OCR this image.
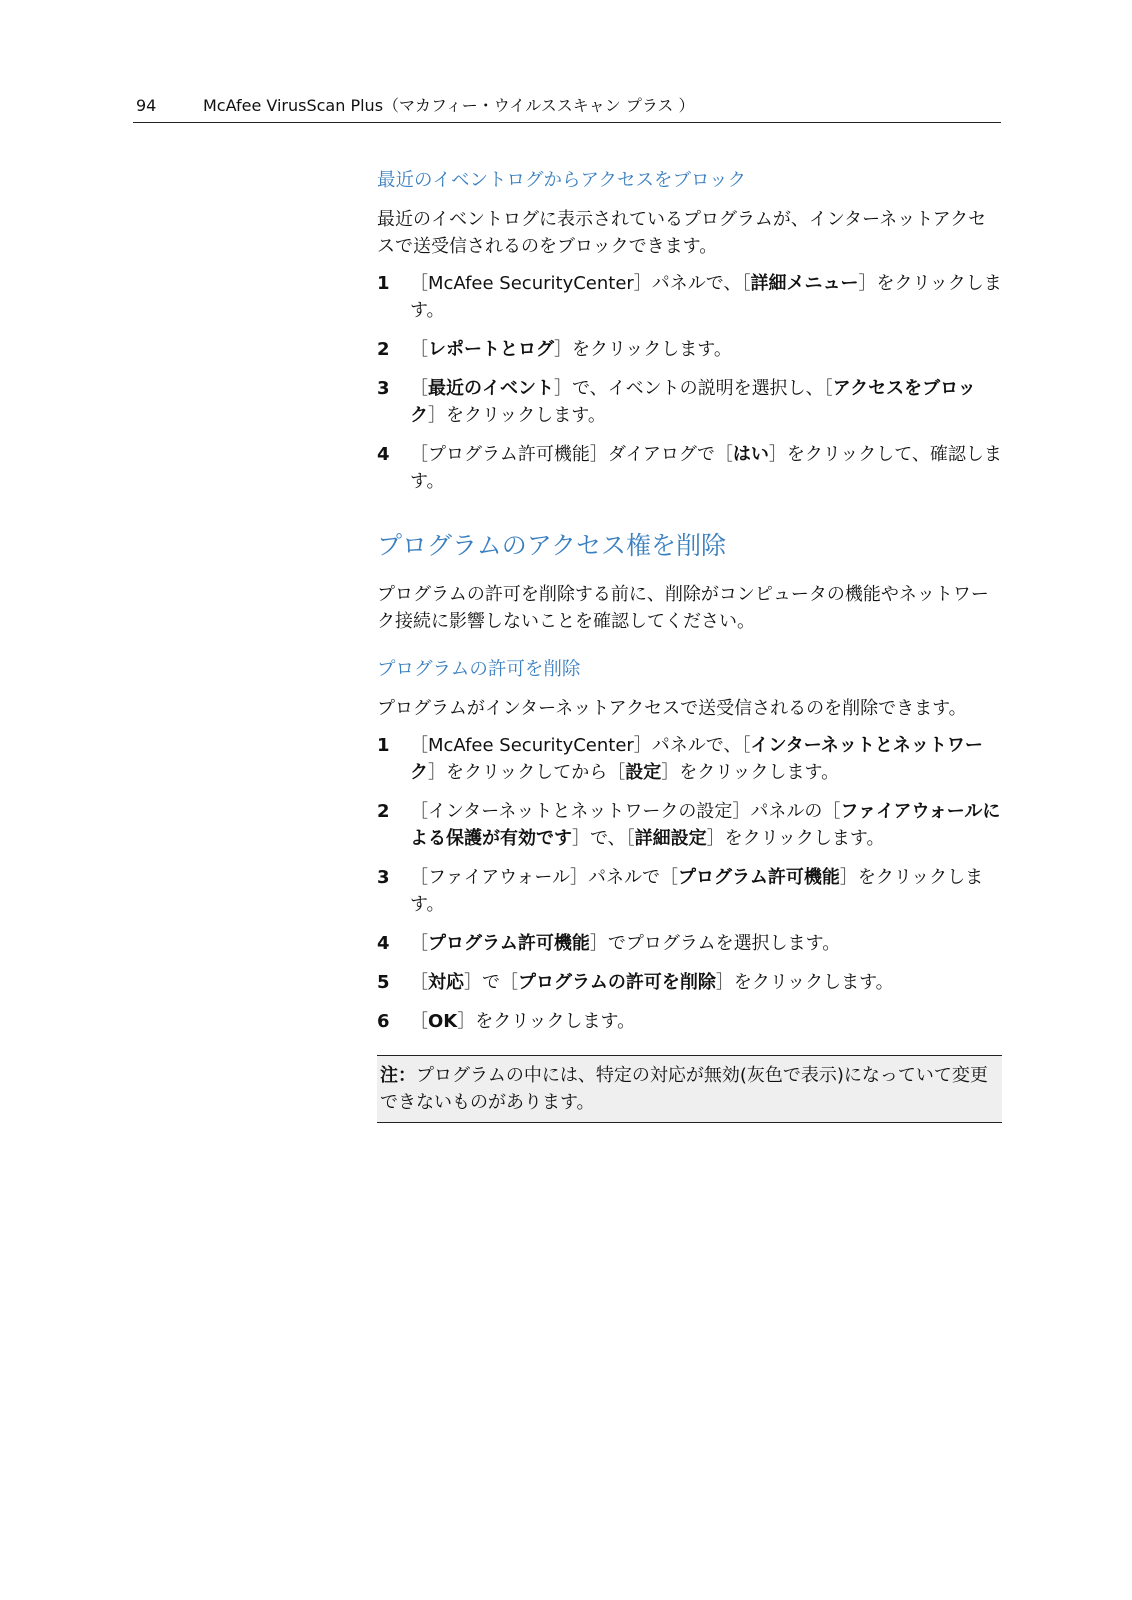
94	McAfee VirusScan Plus（マカフィー・ウイルススキャン プラス ）
最近のイベントログからアクセスをブロック
最近のイベントログに表示されているプログラムが、インターネットアクセスで送受信されるのをブロックできます。
1 ［McAfee SecurityCenter］パネルで、［詳細メニュー］をクリックします。
2 ［レポートとログ］をクリックします。
3 ［最近のイベント］で、イベントの説明を選択し、［アクセスをブロック］をクリックします。
4 ［プログラム許可機能］ダイアログで［はい］をクリックして、確認します。
プログラムのアクセス権を削除
プログラムの許可を削除する前に、削除がコンピュータの機能やネットワーク接続に影響しないことを確認してください。
プログラムの許可を削除
プログラムがインターネットアクセスで送受信されるのを削除できます。
1 ［McAfee SecurityCenter］パネルで、［インターネットとネットワーク］をクリックしてから［設定］をクリックします。
2 ［インターネットとネットワークの設定］パネルの［ファイアウォールによる保護が有効です］で、［詳細設定］をクリックします。
3 ［ファイアウォール］パネルで［プログラム許可機能］をクリックします。
4 ［プログラム許可機能］でプログラムを選択します。
5 ［対応］で［プログラムの許可を削除］をクリックします。
6 ［OK］をクリックします。
注：プログラムの中には、特定の対応が無効(灰色で表示)になっていて変更できないものがあります。
